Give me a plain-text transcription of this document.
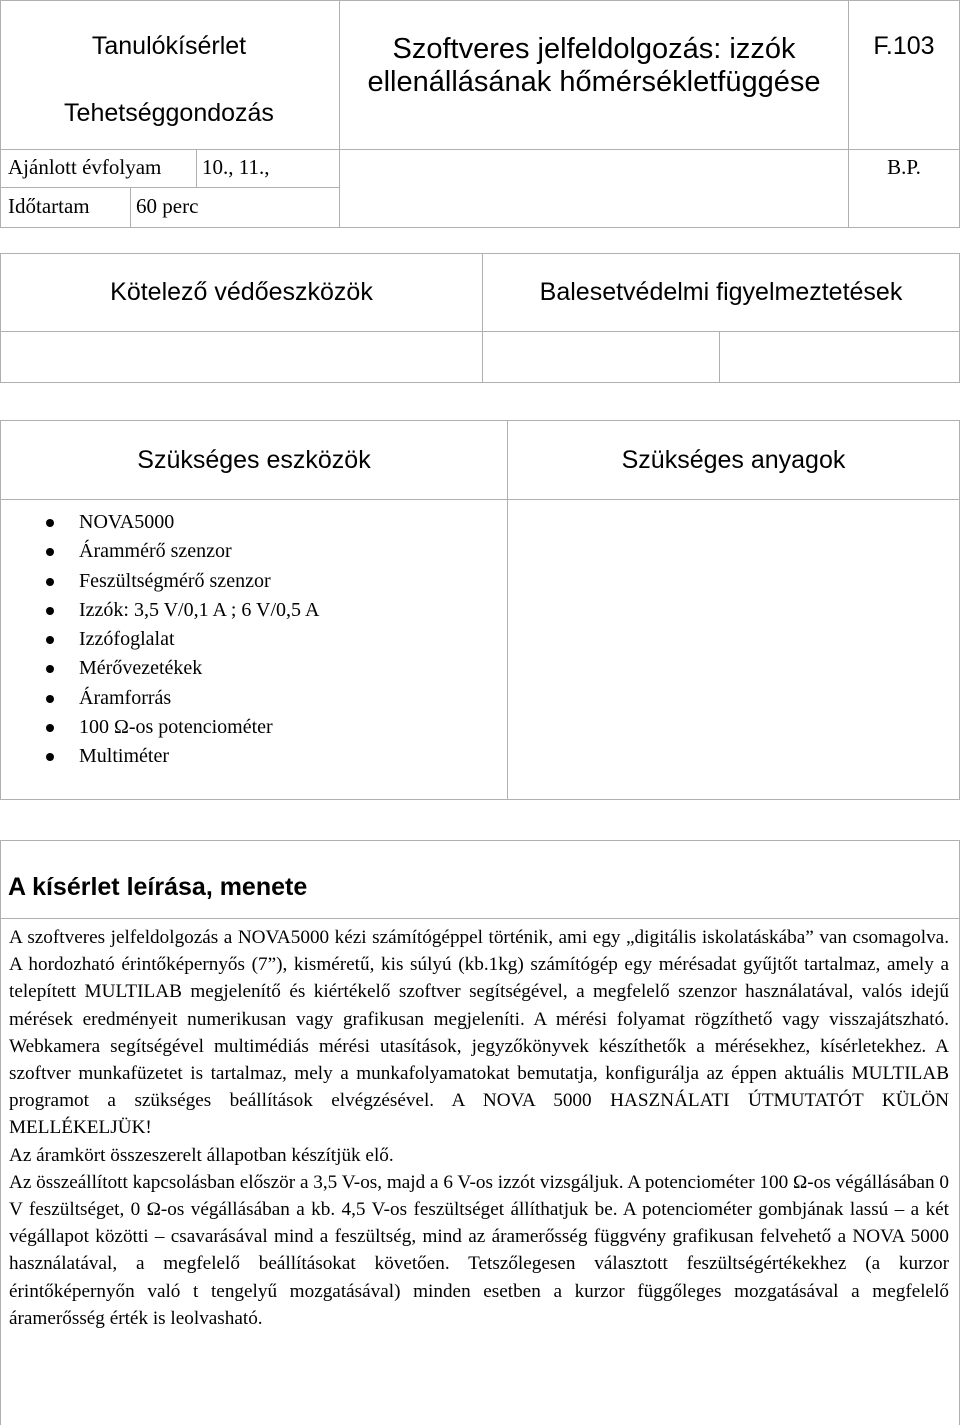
Tanulókísérlet
Tehetséggondozás
Szoftveres jelfeldolgozás: izzók ellenállásának hőmérsékletfüggése
F.103
Ajánlott évfolyam 10., 11.,
Időtartam 60 perc
B.P.
Kötelező védőeszközök	Balesetvédelmi figyelmeztetések
Szükséges eszközök	Szükséges anyagok
NOVA5000
Árammérő szenzor
Feszültségmérő szenzor
Izzók: 3,5 V/0,1 A ; 6 V/0,5 A
Izzófoglalat
Mérővezetékek
Áramforrás
100 Ω-os potenciométer
Multiméter
A kísérlet leírása, menete

A szoftveres jelfeldolgozás a NOVA5000 kézi számítógéppel történik, ami egy „digitális iskolatáskába” van csomagolva. A hordozható érintőképernyős (7”), kisméretű, kis súlyú (kb.1kg) számítógép egy mérésadat gyűjtőt tartalmaz, amely a telepített MULTILAB megjelenítő és kiértékelő szoftver segítségével, a megfelelő szenzor használatával, valós idejű mérések eredményeit numerikusan vagy grafikusan megjeleníti. A mérési folyamat rögzíthető vagy visszajátszható. Webkamera segítségével multimédiás mérési utasítások, jegyzőkönyvek készíthetők a mérésekhez, kísérletekhez. A szoftver munkafüzetet is tartalmaz, mely a munkafolyamatokat bemutatja, konfigurálja az éppen aktuális MULTILAB programot a szükséges beállítások elvégzésével. A NOVA 5000 HASZNÁLATI ÚTMUTATÓT KÜLÖN MELLÉKELJÜK!

Az áramkört összeszerelt állapotban készítjük elő.

Az összeállított kapcsolásban először a 3,5 V-os, majd a 6 V-os izzót vizsgáljuk. A potenciométer 100 Ω-os végállásában 0 V feszültséget, 0 Ω-os végállásában a kb. 4,5 V-os feszültséget állíthatjuk be. A potenciométer gombjának lassú – a két végállapot közötti – csavarásával mind a feszültség, mind az áramerősség függvény grafikusan felvehető a NOVA 5000 használatával, a megfelelő beállításokat követően. Tetszőlegesen választott feszültségértékekhez (a kurzor érintőképernyőn való t tengelyű mozgatásával) minden esetben a kurzor függőleges mozgatásával a megfelelő áramerősség érték is leolvasható.
